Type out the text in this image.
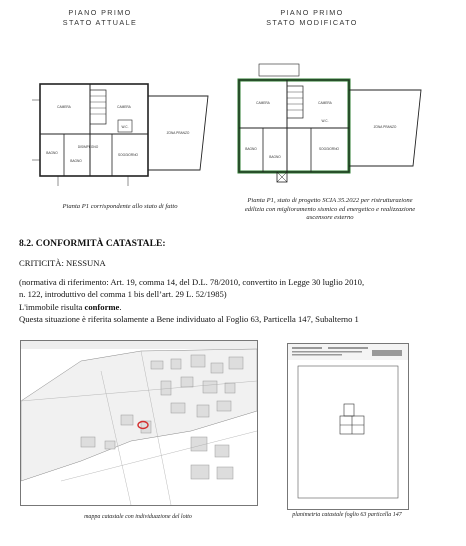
PIANO PRIMO
STATO ATTUALE
PIANO PRIMO
STATO MODIFICATO
CAMERA	CAMERA
BAGNO
DISIMPEGNO
W.C.
ZONA PRANZO
BAGNO
SOGGIORNO
CAMERA	CAMERA
BAGNO
W.C.
ZONA PRANZO
BAGNO
SOGGIORNO
Pianta P1 corrispondente allo stato di fatto
Pianta P1, stato di progetto SCIA 35.2022 per ristrutturazione
edilizia con miglioramento sismico ed energetico e realizzazione
ascensore esterno
8.2. CONFORMITÀ CATASTALE:
CRITICITÀ: NESSUNA
(normativa di riferimento: Art. 19, comma 14, del D.L. 78/2010, convertito in Legge 30 luglio 2010,
n. 122, introduttivo del comma 1 bis dell’art. 29 L. 52/1985)
L'immobile risulta conforme.
Questa situazione è riferita solamente a Bene individuato al Foglio 63, Particella 147, Subalterno 1
mappa catastale con individuazione del lotto	planimetria catastale foglio 63 particella 147
